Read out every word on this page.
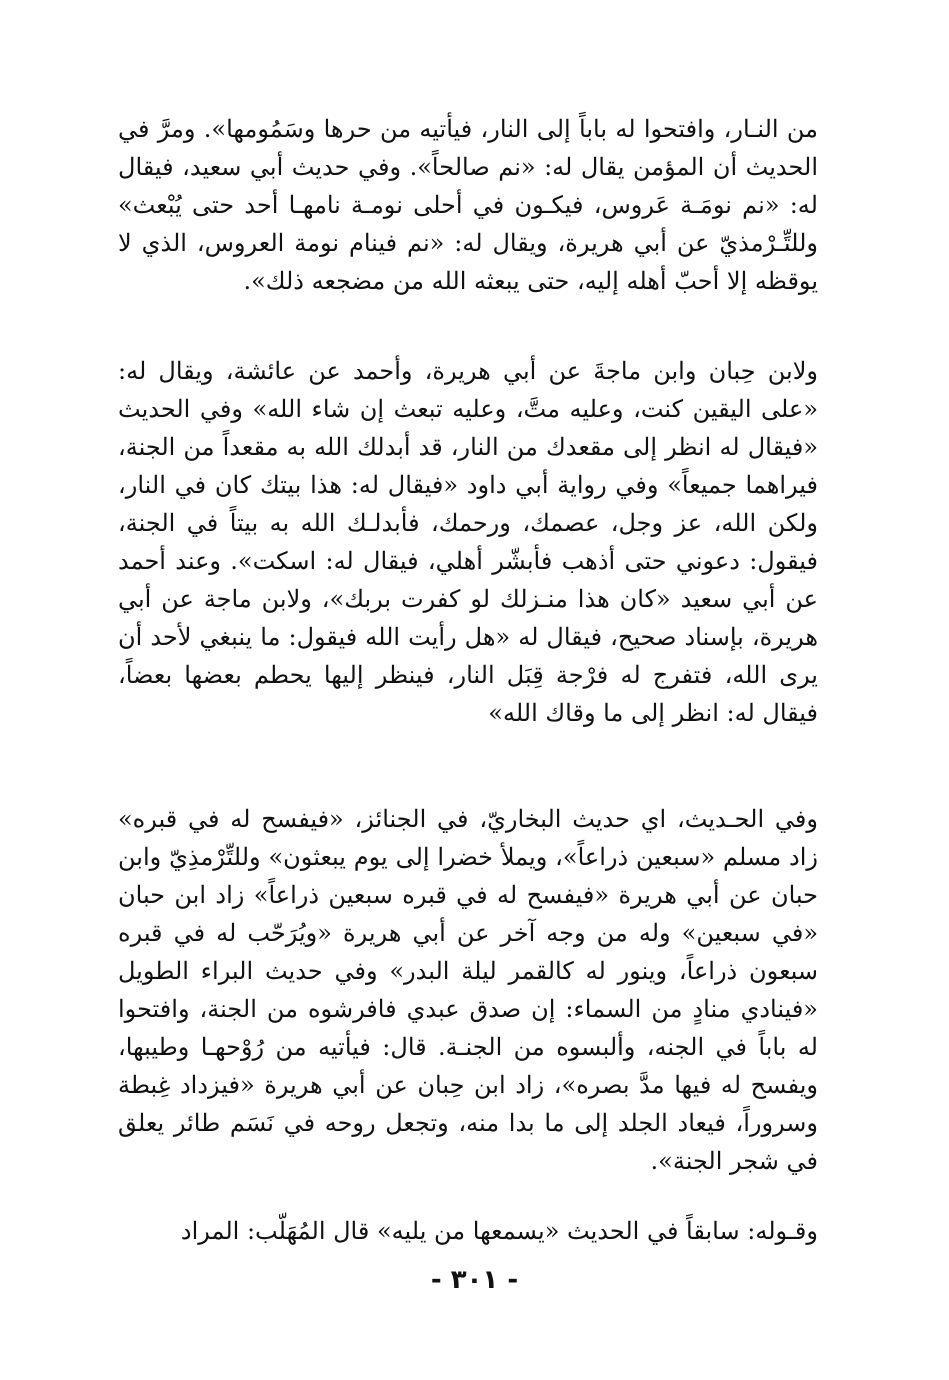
من النـار، وافتحوا له باباً إلى النار، فيأتيه من حرها وسَمُومها». ومرَّ في الحديث أن المؤمن يقال له: «نم صالحاً». وفي حديث أبي سعيد، فيقال له: «نم نومَـة عَروس، فيكـون في أحلى نومـة نامهـا أحد حتى يُبْعث» وللتِّـرْمذيّ عن أبي هريرة، ويقال له: «نم فينام نومة العروس، الذي لا يوقظه إلا أحبّ أهله إليه، حتى يبعثه الله من مضجعه ذلك».

ولابن حِبان وابن ماجةَ عن أبي هريرة، وأحمد عن عائشة، ويقال له: «على اليقين كنت، وعليه متَّ، وعليه تبعث إن شاء الله» وفي الحديث «فيقال له انظر إلى مقعدك من النار، قد أبدلك الله به مقعداً من الجنة، فيراهما جميعاً» وفي رواية أبي داود «فيقال له: هذا بيتك كان في النار، ولكن الله، عز وجل، عصمك، ورحمك، فأبدلـك الله به بيتاً في الجنة، فيقول: دعوني حتى أذهب فأبشّر أهلي، فيقال له: اسكت». وعند أحمد عن أبي سعيد «كان هذا منـزلك لو كفرت بربك»، ولابن ماجة عن أبي هريرة، بإسناد صحيح، فيقال له «هل رأيت الله فيقول: ما ينبغي لأحد أن يرى الله، فتفرج له فرْجة قِبَل النار، فينظر إليها يحطم بعضها بعضاً، فيقال له: انظر إلى ما وقاك الله»

وفي الحـديث، اي حديث البخاريّ، في الجنائز، «فيفسح له في قبره» زاد مسلم «سبعين ذراعاً»، ويملأ خضرا إلى يوم يبعثون» وللتِّرْمذِيّ وابن حبان عن أبي هريرة «فيفسح له في قبره سبعين ذراعاً» زاد ابن حبان «في سبعين» وله من وجه آخر عن أبي هريرة «ويُرَحّب له في قبره سبعون ذراعاً، وينور له كالقمر ليلة البدر» وفي حديث البراء الطويل «فينادي منادٍ من السماء: إن صدق عبدي فافرشوه من الجنة، وافتحوا له باباً في الجنه، وألبسوه من الجنـة. قال: فيأتيه من رُوْحهـا وطيبها، ويفسح له فيها مدَّ بصره»، زاد ابن حِبان عن أبي هريرة «فيزداد غِبطة وسروراً، فيعاد الجلد إلى ما بدا منه، وتجعل روحه في نَسَم طائر يعلق في شجر الجنة».

وقـوله: سابقاً في الحديث «يسمعها من يليه» قال المُهَلّب: المراد

- ٣٠١ -
